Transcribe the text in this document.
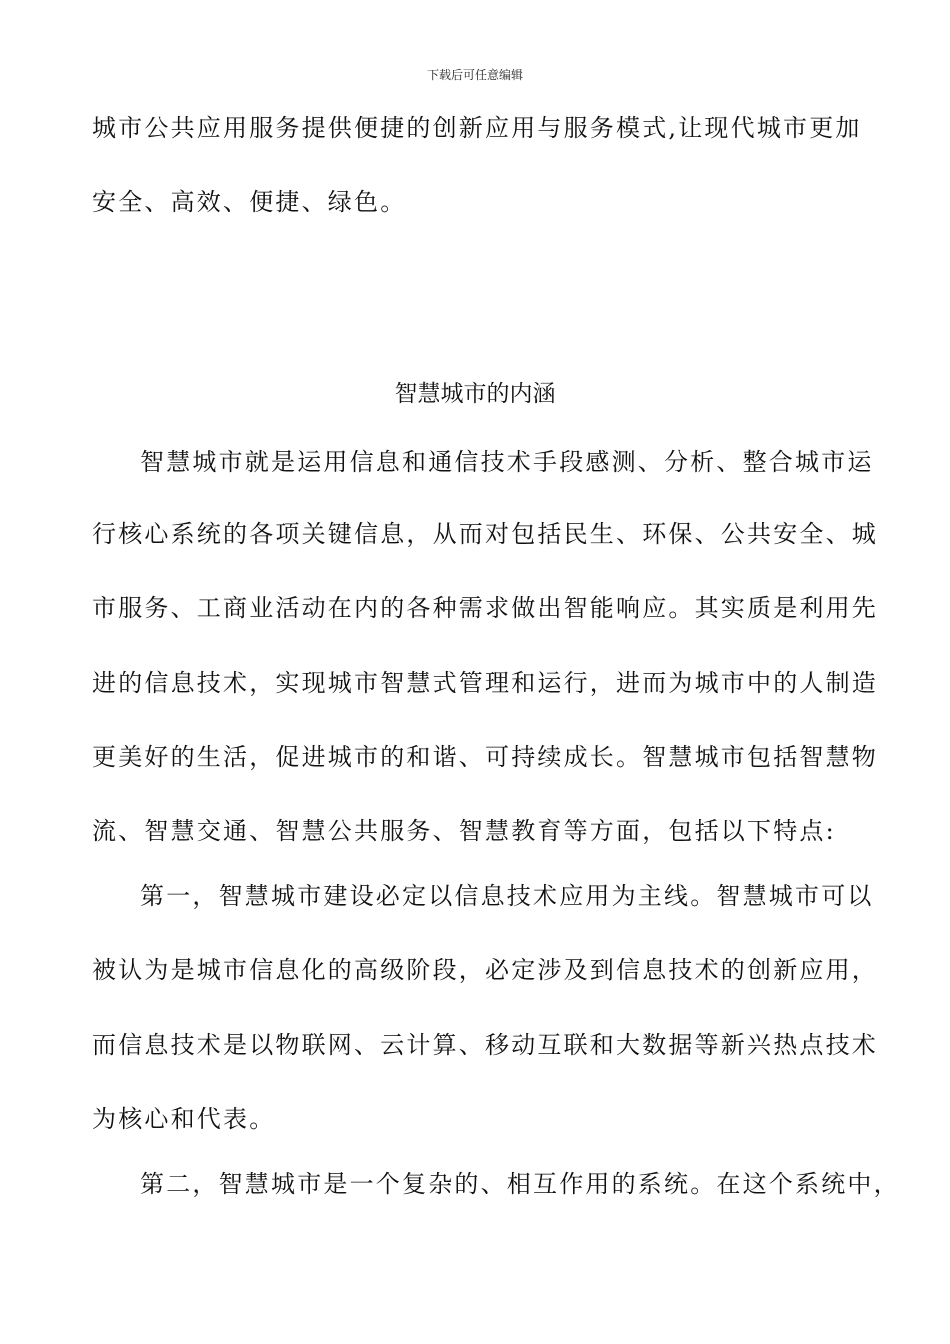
下载后可任意编辑
城市公共应用服务提供便捷的创新应用与服务模式,让现代城市更加
安全、高效、便捷、绿色。
智慧城市的内涵
智慧城市就是运用信息和通信技术手段感测、分析、整合城市运
行核心系统的各项关键信息，从而对包括民生、环保、公共安全、城
市服务、工商业活动在内的各种需求做出智能响应。其实质是利用先
进的信息技术，实现城市智慧式管理和运行，进而为城市中的人制造
更美好的生活，促进城市的和谐、可持续成长。智慧城市包括智慧物
流、智慧交通、智慧公共服务、智慧教育等方面，包括以下特点:
第一，智慧城市建设必定以信息技术应用为主线。智慧城市可以
被认为是城市信息化的高级阶段，必定涉及到信息技术的创新应用，
而信息技术是以物联网、云计算、移动互联和大数据等新兴热点技术
为核心和代表。
第二，智慧城市是一个复杂的、相互作用的系统。在这个系统中，
